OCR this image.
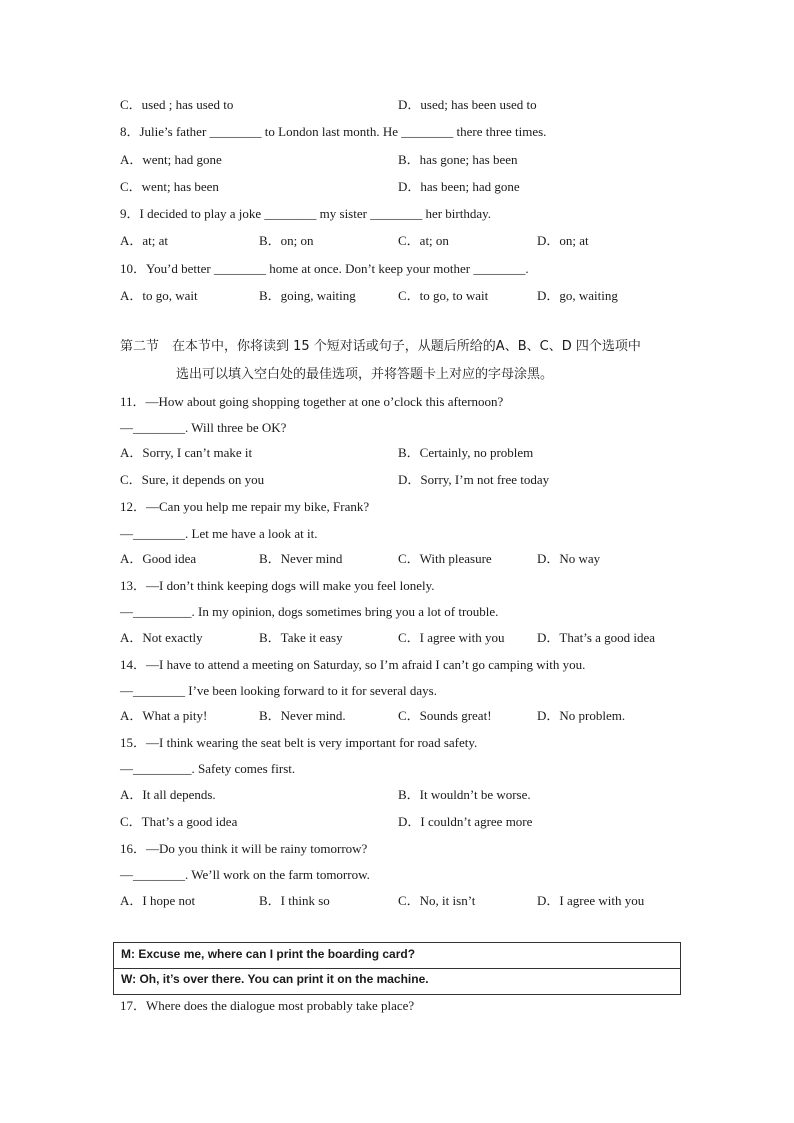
C．used ; has used to	D．used; has been used to
8．Julie’s father ________ to London last month. He ________ there three times.
A．went; had gone	B．has gone; has been
C．went; has been	D．has been; had gone
9．I decided to play a joke ________ my sister ________ her birthday.
A．at; at	B．on; on	C．at; on	D．on; at
10．You’d better ________ home at once. Don’t keep your mother ________.
A．to go, wait	B．going, waiting	C．to go, to wait	D．go, waiting
第二节　在本节中，你将读到 15 个短对话或句子，从题后所给的A、B、C、D 四个选项中
选出可以填入空白处的最佳选项，并将答题卡上对应的字母涂黑。
11．—How about going shopping together at one o’clock this afternoon?
—________. Will three be OK?
A．Sorry, I can’t make it	B．Certainly, no problem
C．Sure, it depends on you	D．Sorry, I’m not free today
12．—Can you help me repair my bike, Frank?
—________. Let me have a look at it.
A．Good idea	B．Never mind	C．With pleasure	D．No way
13．—I don’t think keeping dogs will make you feel lonely.
—_________. In my opinion, dogs sometimes bring you a lot of trouble.
A．Not exactly	B．Take it easy	C．I agree with you D．That’s a good idea
14．—I have to attend a meeting on Saturday, so I’m afraid I can’t go camping with you.
—________ I’ve been looking forward to it for several days.
A．What a pity!	B．Never mind.	C．Sounds great!	D．No problem.
15．—I think wearing the seat belt is very important for road safety.
—_________. Safety comes first.
A．It all depends.	B．It wouldn’t be worse.
C．That’s a good idea	D．I couldn’t agree more
16．—Do you think it will be rainy tomorrow?
—________. We’ll work on the farm tomorrow.
A．I hope not	B．I think so	C．No, it isn’t	D．I agree with you
M: Excuse me, where can I print the boarding card?
W: Oh, it’s over there. You can print it on the machine.
17．Where does the dialogue most probably take place?
